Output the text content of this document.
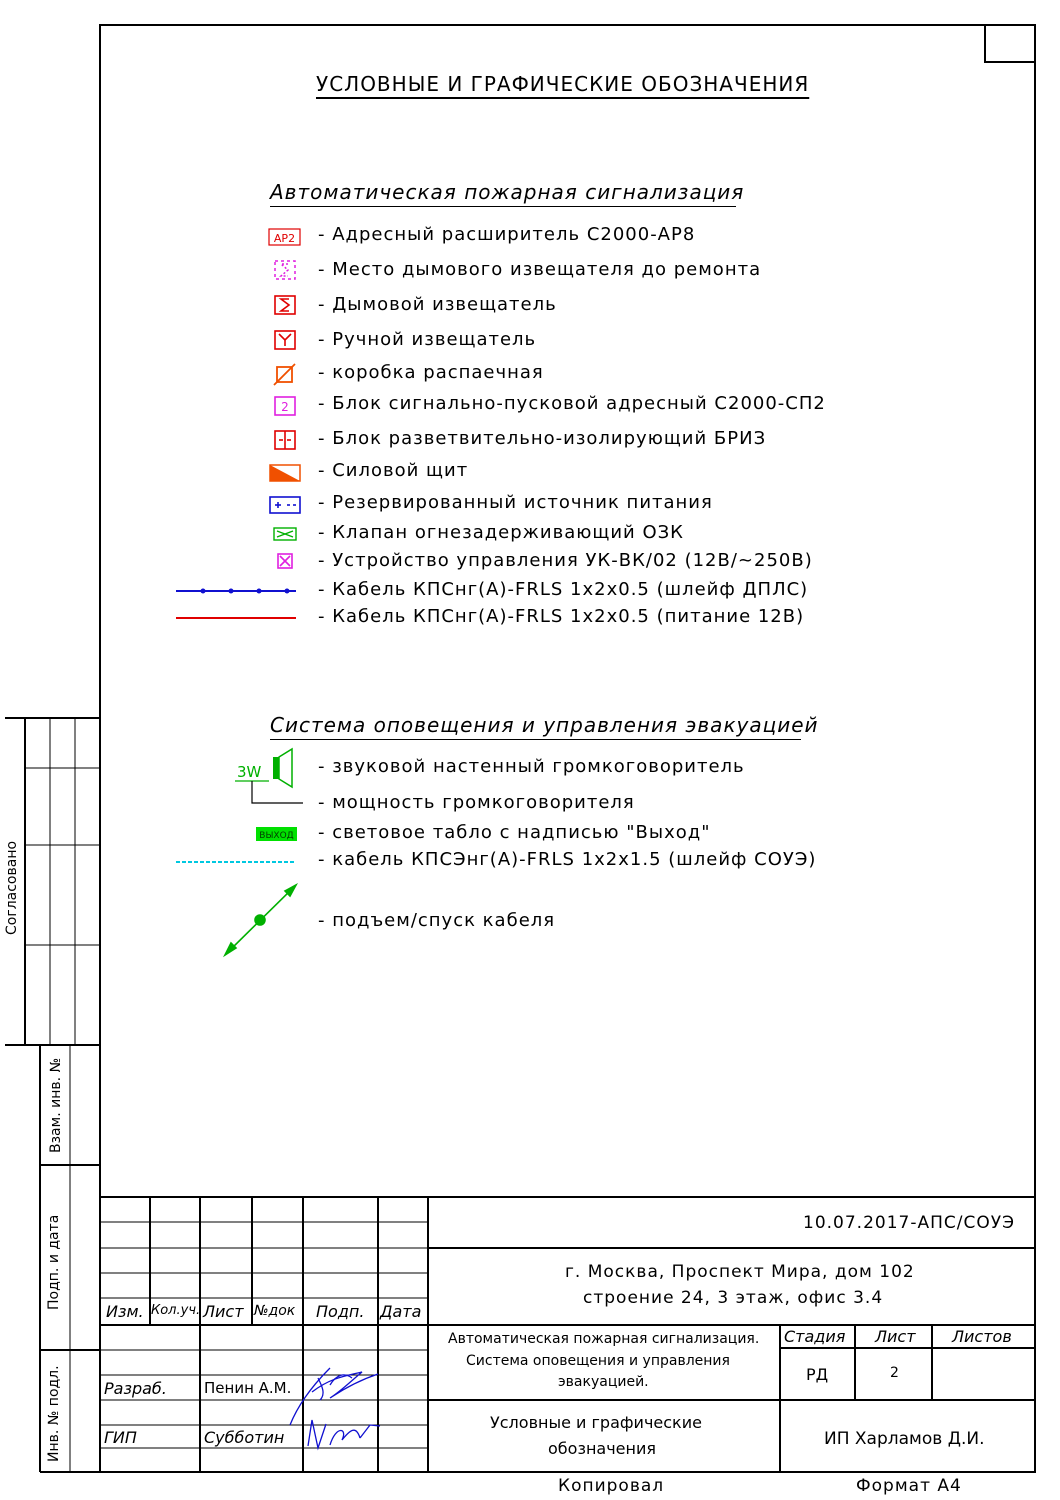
УСЛОВНЫЕ И ГРАФИЧЕСКИЕ ОБОЗНАЧЕНИЯ
Автоматическая пожарная сигнализация
АР2
2
- Адресный расширитель С2000-АР8
- Место дымового извещателя до ремонта
- Дымовой извещатель
- Ручной извещатель
- коробка распаечная
- Блок сигнально-пусковой адресный С2000-СП2
- Блок разветвительно-изолирующий БРИЗ
- Силовой щит
- Резервированный источник питания
- Клапан огнезадерживающий ОЗК
- Устройство управления УК-ВК/02 (12В/~250В)
- Кабель КПСнг(А)-FRLS 1х2х0.5 (шлейф ДПЛС)
- Кабель КПСнг(А)-FRLS 1х2х0.5 (питание 12В)
Система оповещения и управления эвакуацией
3W
ВЫХОД
- звуковой настенный громкоговоритель
- мощность громкоговорителя
- световое табло с надписью "Выход"
- кабель КПСЭнг(А)-FRLS 1х2х1.5 (шлейф СОУЭ)
- подъем/спуск кабеля
Согласовано
Взам. инв. №
Подп. и дата
Инв. № подл.
10.07.2017-АПС/СОУЭ
г. Москва, Проспект Мира, дом 102
строение 24, 3 этаж, офис 3.4
Изм. Кол.уч. Лист №док Подп. Дата
Автоматическая пожарная сигнализация.
Система оповещения и управления
эвакуацией.
Стадия Лист Листов
РД	2
Разраб. Пенин А.М.
ГИП	Субботин
Условные и графические
обозначения	ИП Харламов Д.И.
Копировал	Формат А4
